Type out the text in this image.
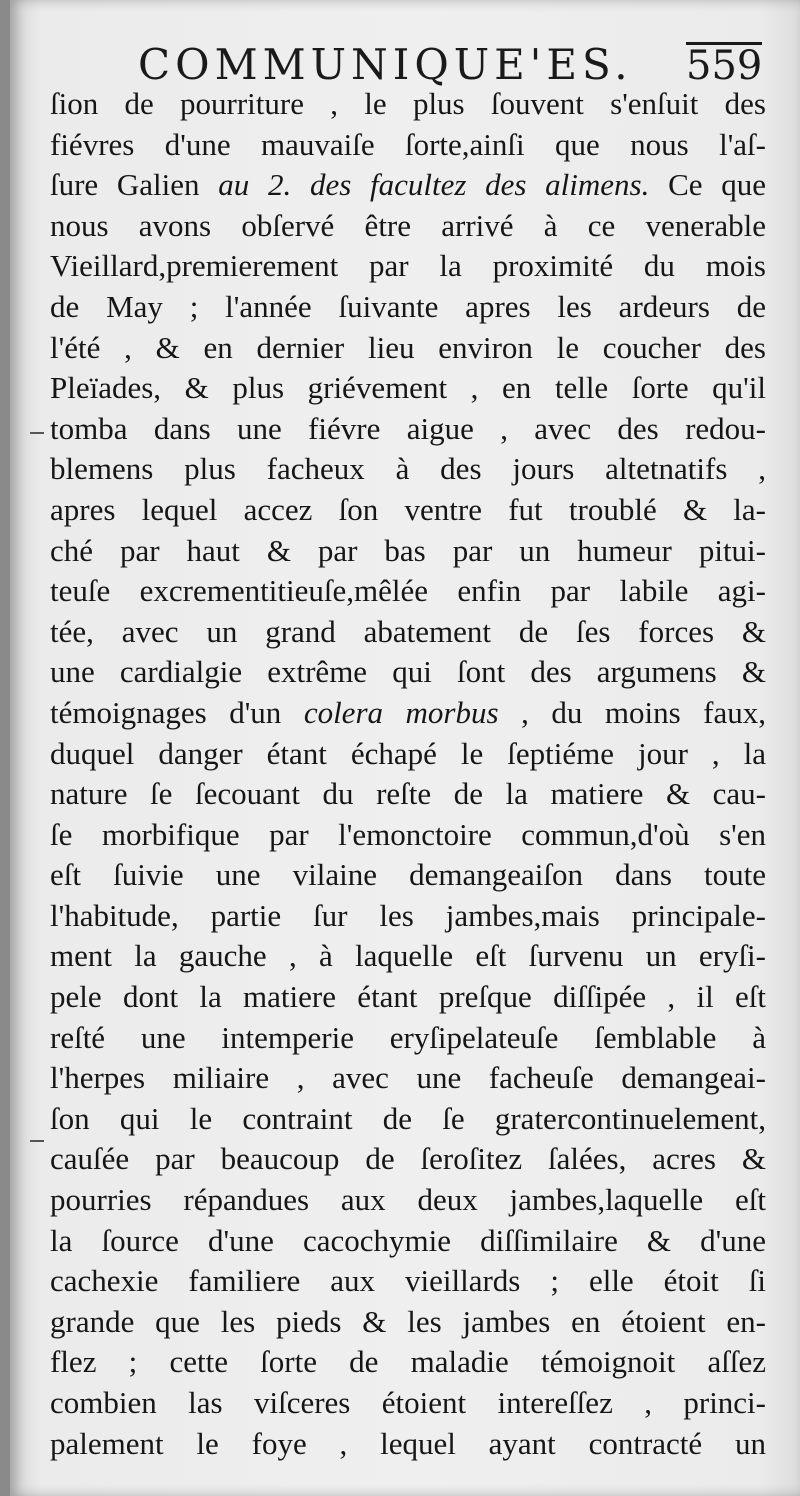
COMMUNIQUE'ES. 559
ſion de pourriture , le plus ſouvent s'enſuit des
fiévres d'une mauvaiſe ſorte,ainſi que nous l'aſ-
ſure Galien au 2. des facultez des alimens. Ce que
nous avons obſervé être arrivé à ce venerable
Vieillard,premierement par la proximité du mois
de May ; l'année ſuivante apres les ardeurs de
l'été , & en dernier lieu environ le coucher des
Pleïades, & plus griévement , en telle ſorte qu'il
tomba dans une fiévre aigue , avec des redou-
blemens plus facheux à des jours altetnatifs ,
apres lequel accez ſon ventre fut troublé & la-
ché par haut & par bas par un humeur pitui-
teuſe excrementitieuſe,mêlée enfin par labile agi-
tée, avec un grand abatement de ſes forces &
une cardialgie extrême qui ſont des argumens &
témoignages d'un colera morbus , du moins faux,
duquel danger étant échapé le ſeptiéme jour , la
nature ſe ſecouant du reſte de la matiere & cau-
ſe morbifique par l'emonctoire commun,d'où s'en
eſt ſuivie une vilaine demangeaiſon dans toute
l'habitude, partie ſur les jambes,mais principale-
ment la gauche , à laquelle eſt ſurvenu un eryſi-
pele dont la matiere étant preſque diſſipée , il eſt
reſté une intemperie eryſipelateuſe ſemblable à
l'herpes miliaire , avec une facheuſe demangeai-
ſon qui le contraint de ſe gratercontinuelement,
cauſée par beaucoup de ſeroſitez ſalées, acres &
pourries répandues aux deux jambes,laquelle eſt
la ſource d'une cacochymie diſſimilaire & d'une
cachexie familiere aux vieillards ; elle étoit ſi
grande que les pieds & les jambes en étoient en-
flez ; cette ſorte de maladie témoignoit aſſez
combien las viſceres étoient intereſſez , princi-
palement le foye , lequel ayant contracté un
